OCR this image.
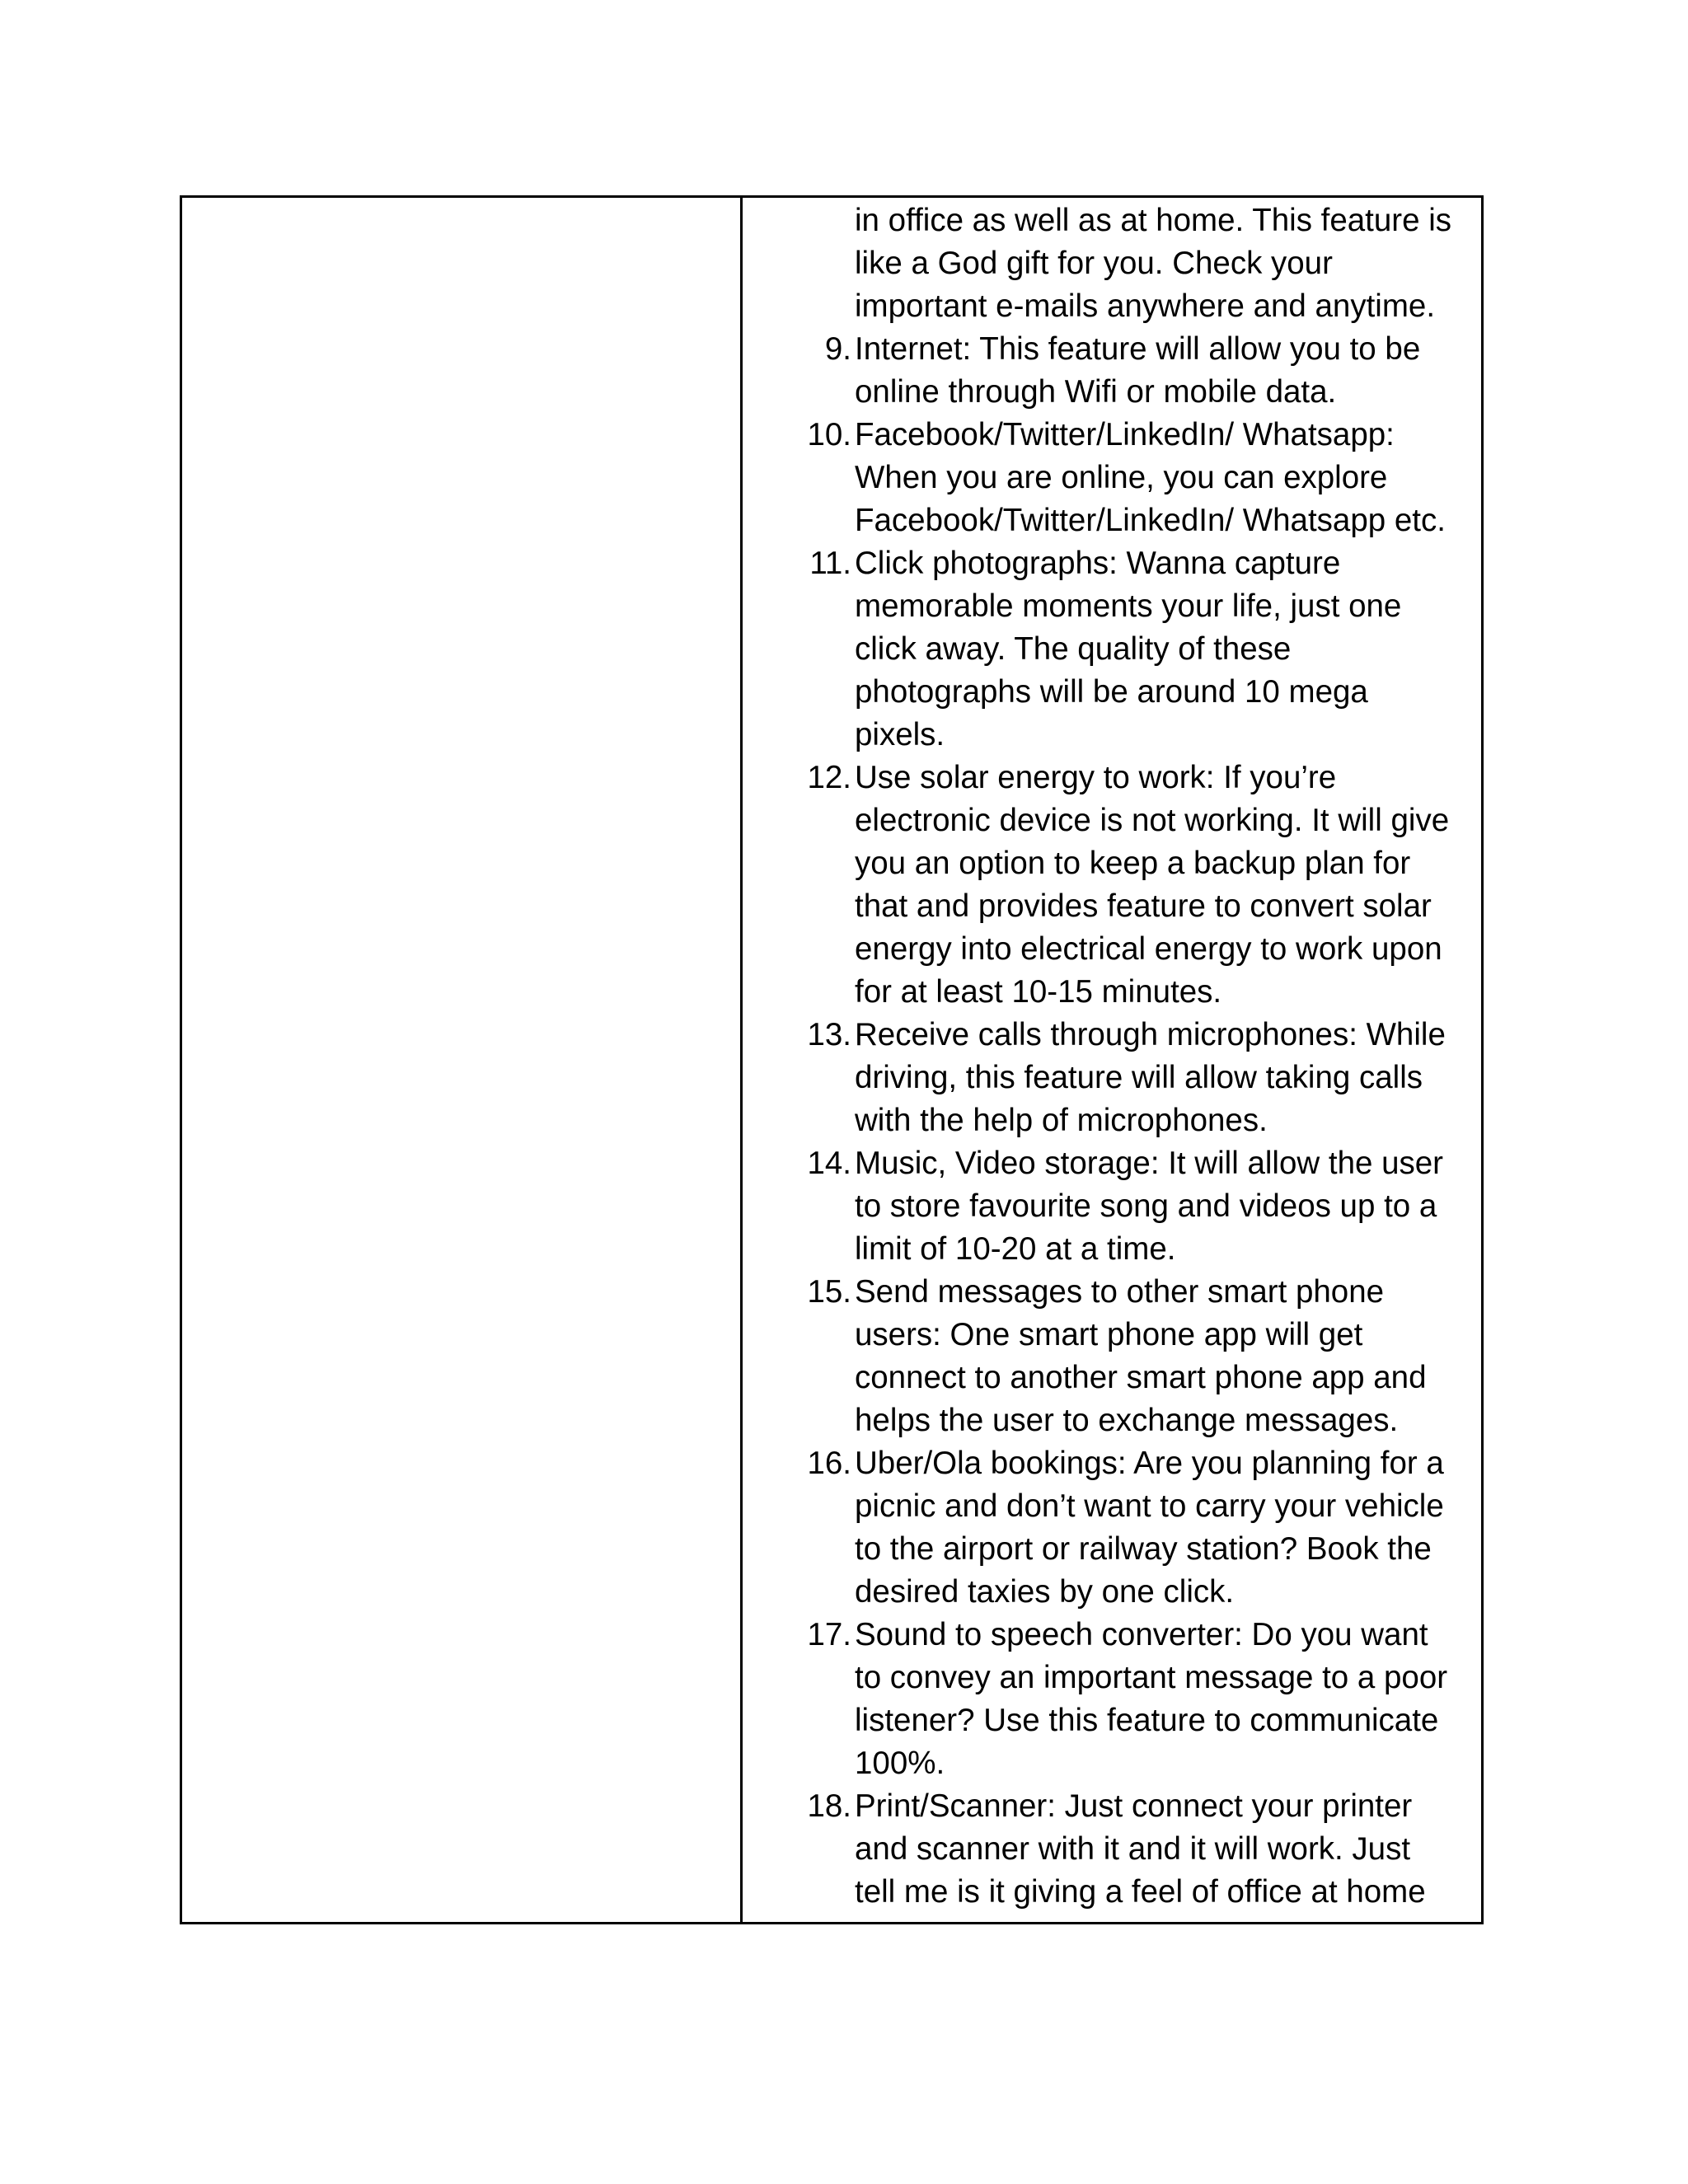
in office as well as at home. This feature is
like a God gift for you. Check your
important e-mails anywhere and anytime.
9. Internet: This feature will allow you to be
online through Wifi or mobile data.
10. Facebook/Twitter/LinkedIn/ Whatsapp:
When you are online, you can explore
Facebook/Twitter/LinkedIn/ Whatsapp etc.
11. Click photographs: Wanna capture
memorable moments your life, just one
click away. The quality of these
photographs will be around 10 mega
pixels.
12. Use solar energy to work: If you’re
electronic device is not working. It will give
you an option to keep a backup plan for
that and provides feature to convert solar
energy into electrical energy to work upon
for at least 10-15 minutes.
13. Receive calls through microphones: While
driving, this feature will allow taking calls
with the help of microphones.
14. Music, Video storage: It will allow the user
to store favourite song and videos up to a
limit of 10-20 at a time.
15. Send messages to other smart phone
users: One smart phone app will get
connect to another smart phone app and
helps the user to exchange messages.
16. Uber/Ola bookings: Are you planning for a
picnic and don’t want to carry your vehicle
to the airport or railway station? Book the
desired taxies by one click.
17. Sound to speech converter: Do you want
to convey an important message to a poor
listener? Use this feature to communicate
100%.
18. Print/Scanner: Just connect your printer
and scanner with it and it will work. Just
tell me is it giving a feel of office at home
